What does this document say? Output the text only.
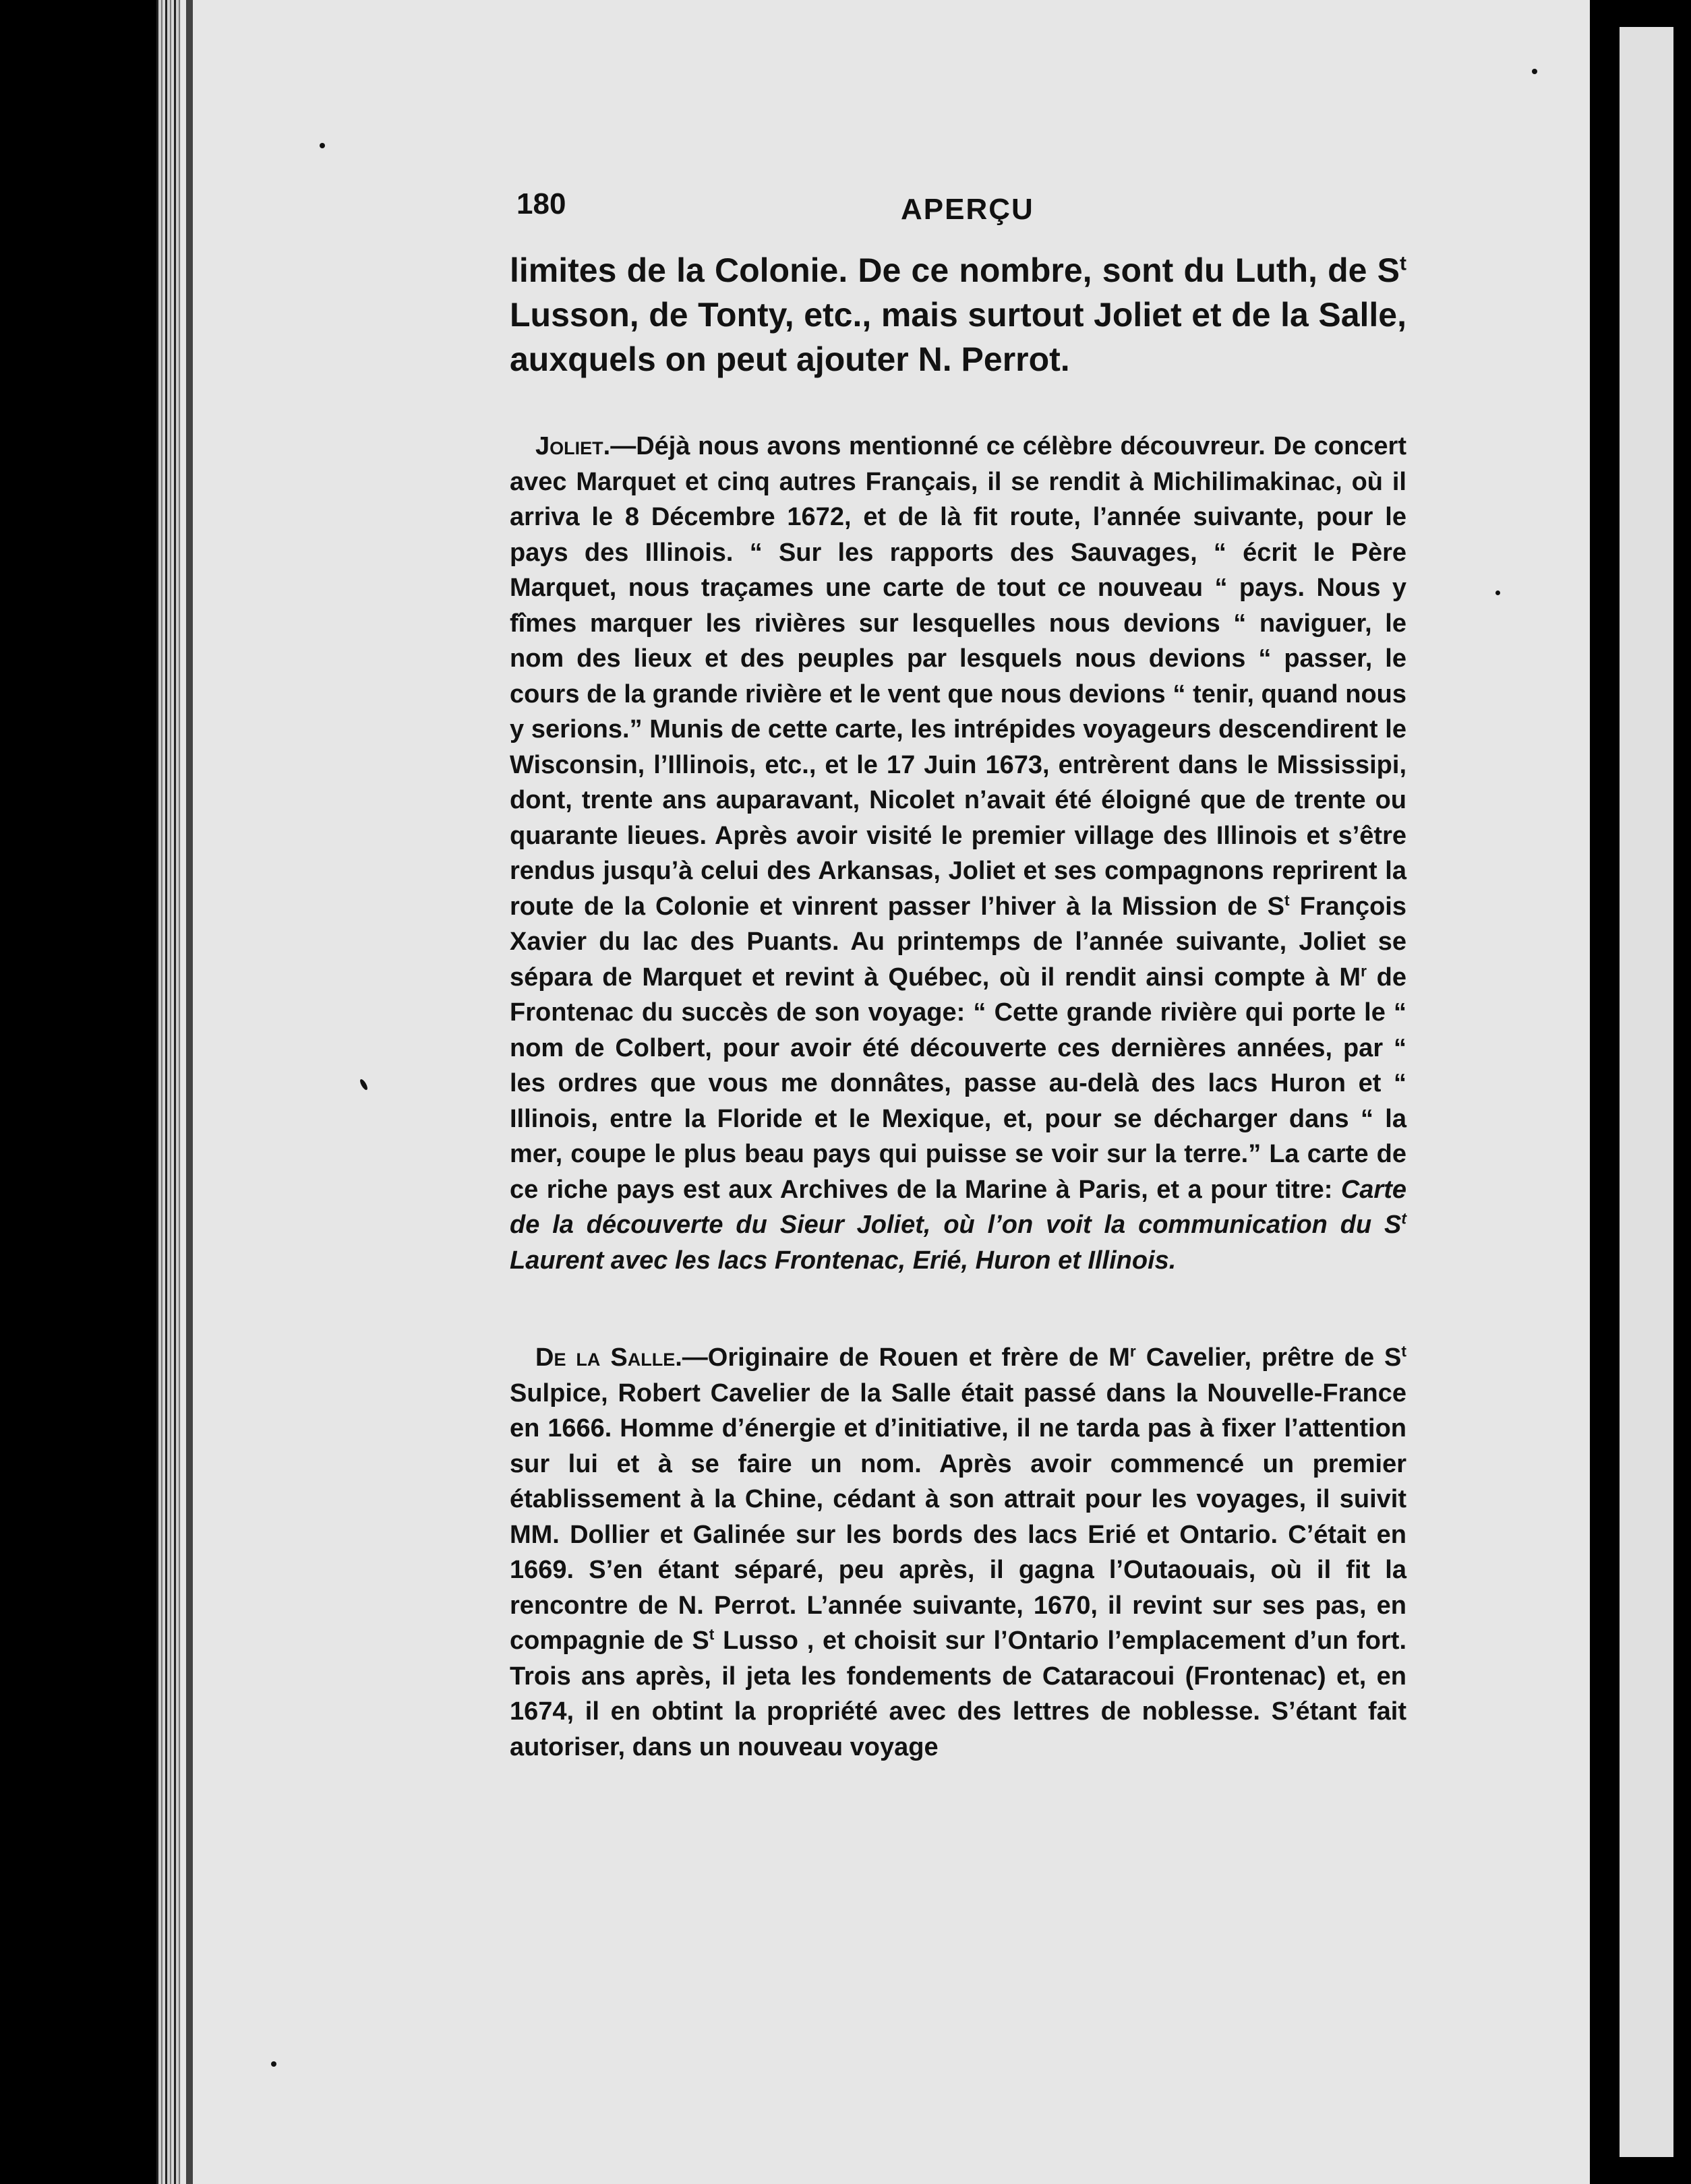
180	APERÇU
limites de la Colonie. De ce nombre, sont du Luth, de $S^t$ Lusson, de Tonty, etc., mais surtout Joliet et de la Salle, auxquels on peut ajouter N. Perrot.
Joliet.—Déjà nous avons mentionné ce célèbre découvreur. De concert avec Marquet et cinq autres Français, il se rendit à Michilimakinac, où il arriva le 8 Décembre 1672, et de là fit route, l’année suivante, pour le pays des Illinois. “ Sur les rapports des Sauvages, “ écrit le Père Marquet, nous traçames une carte de tout ce nouveau “ pays. Nous y fîmes marquer les rivières sur lesquelles nous devions “ naviguer, le nom des lieux et des peuples par lesquels nous devions “ passer, le cours de la grande rivière et le vent que nous devions “ tenir, quand nous y serions.” Munis de cette carte, les intrépides voyageurs descendirent le Wisconsin, l’Illinois, etc., et le 17 Juin 1673, entrèrent dans le Mississipi, dont, trente ans auparavant, Nicolet n’avait été éloigné que de trente ou quarante lieues. Après avoir visité le premier village des Illinois et s’être rendus jusqu’à celui des Arkansas, Joliet et ses compagnons reprirent la route de la Colonie et vinrent passer l’hiver à la Mission de $S^t$ François Xavier du lac des Puants. Au printemps de l’année suivante, Joliet se sépara de Marquet et revint à Québec, où il rendit ainsi compte à $M^r$ de Frontenac du succès de son voyage: “ Cette grande rivière qui porte le “ nom de Colbert, pour avoir été découverte ces dernières années, par “ les ordres que vous me donnâtes, passe au-delà des lacs Huron et “ Illinois, entre la Floride et le Mexique, et, pour se décharger dans “ la mer, coupe le plus beau pays qui puisse se voir sur la terre.” La carte de ce riche pays est aux Archives de la Marine à Paris, et a pour titre: Carte de la découverte du Sieur Joliet, où l’on voit la communication du $S^t$ Laurent avec les lacs Frontenac, Erié, Huron et Illinois.
De la Salle.—Originaire de Rouen et frère de $M^r$ Cavelier, prêtre de $S^t$ Sulpice, Robert Cavelier de la Salle était passé dans la Nouvelle-France en 1666. Homme d’énergie et d’initiative, il ne tarda pas à fixer l’attention sur lui et à se faire un nom. Après avoir commencé un premier établissement à la Chine, cédant à son attrait pour les voyages, il suivit MM. Dollier et Galinée sur les bords des lacs Erié et Ontario. C’était en 1669. S’en étant séparé, peu après, il gagna l’Outaouais, où il fit la rencontre de N. Perrot. L’année suivante, 1670, il revint sur ses pas, en compagnie de $S^t$ Lusso , et choisit sur l’Ontario l’emplacement d’un fort. Trois ans après, il jeta les fondements de Cataracoui (Frontenac) et, en 1674, il en obtint la propriété avec des lettres de noblesse. S’étant fait autoriser, dans un nouveau voyage
